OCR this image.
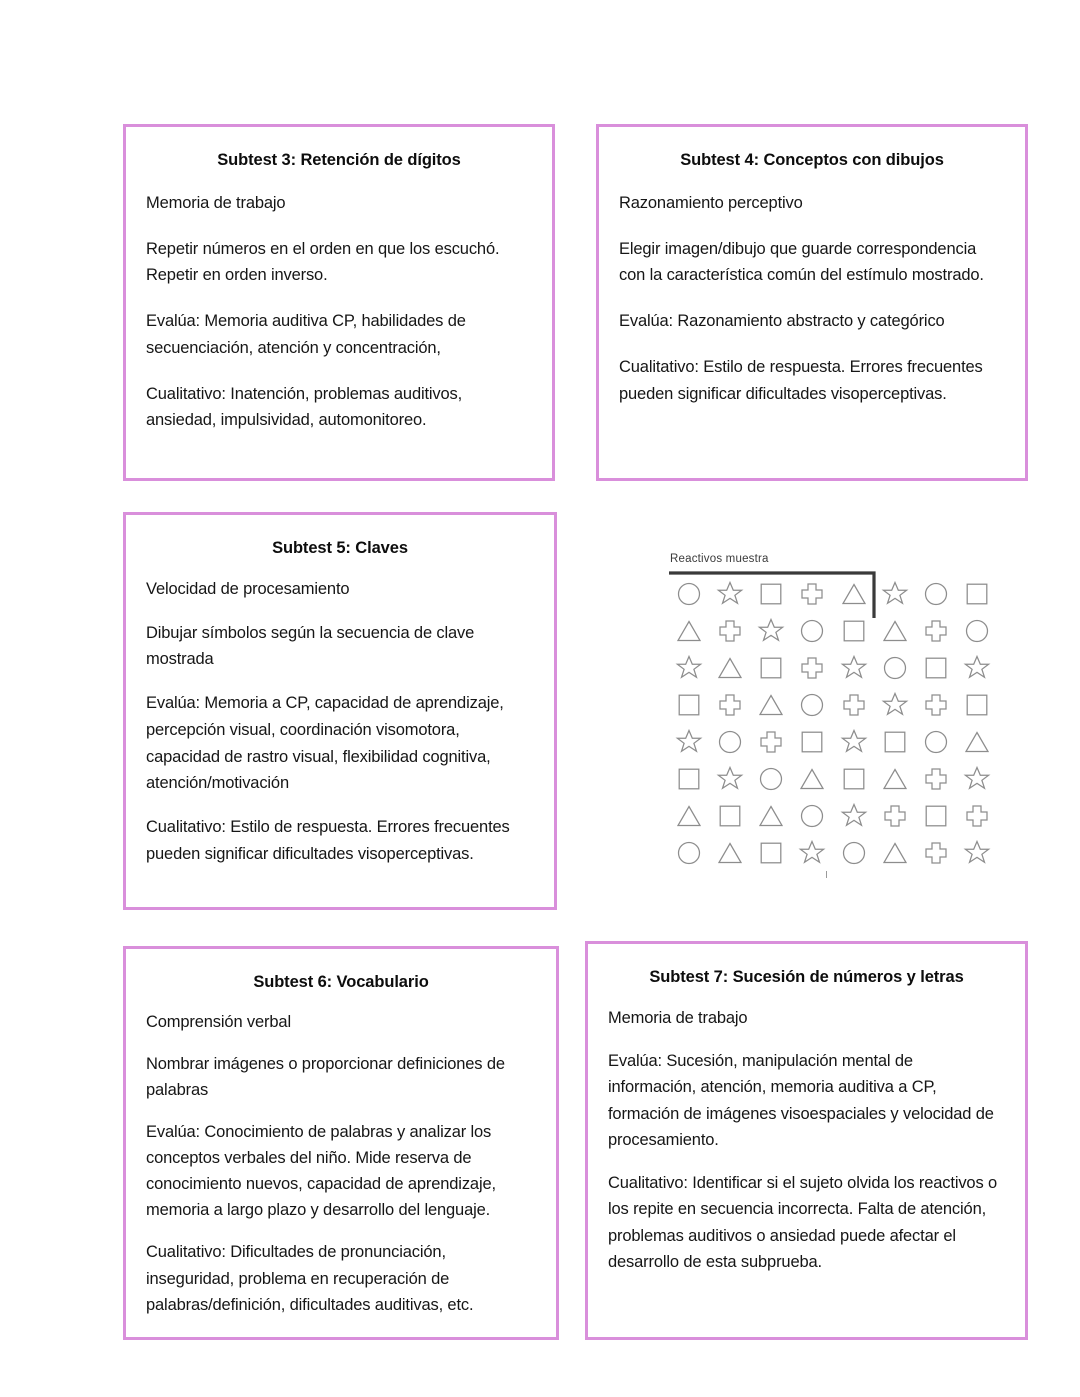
Subtest 3: Retención de dígitos

Memoria de trabajo

Repetir números en el orden en que los escuchó. Repetir en orden inverso.

Evalúa: Memoria auditiva CP, habilidades de secuenciación, atención y concentración,

Cualitativo: Inatención, problemas auditivos, ansiedad, impulsividad, automonitoreo.

Subtest 4: Conceptos con dibujos

Razonamiento perceptivo

Elegir imagen/dibujo que guarde correspondencia con la característica común del estímulo mostrado.

Evalúa: Razonamiento abstracto y categórico

Cualitativo: Estilo de respuesta. Errores frecuentes pueden significar dificultades visoperceptivas.

Subtest 5: Claves

Velocidad de procesamiento

Dibujar símbolos según la secuencia de clave mostrada

Evalúa: Memoria a CP, capacidad de aprendizaje, percepción visual, coordinación visomotora, capacidad de rastro visual, flexibilidad cognitiva, atención/motivación

Cualitativo: Estilo de respuesta. Errores frecuentes pueden significar dificultades visoperceptivas.

Subtest 6: Vocabulario

Comprensión verbal

Nombrar imágenes o proporcionar definiciones de palabras

Evalúa: Conocimiento de palabras y analizar los conceptos verbales del niño. Mide reserva de conocimiento nuevos, capacidad de aprendizaje, memoria a largo plazo y desarrollo del lenguaje.

Cualitativo: Dificultades de pronunciación, inseguridad, problema en recuperación de palabras/definición, dificultades auditivas, etc.

Subtest 7: Sucesión de números y letras

Memoria de trabajo

Evalúa: Sucesión, manipulación mental de información, atención, memoria auditiva a CP, formación de imágenes visoespaciales y velocidad de procesamiento.

Cualitativo: Identificar si el sujeto olvida los reactivos o los repite en secuencia incorrecta. Falta de atención, problemas auditivos o ansiedad puede afectar el desarrollo de esta subprueba.

Reactivos muestra
